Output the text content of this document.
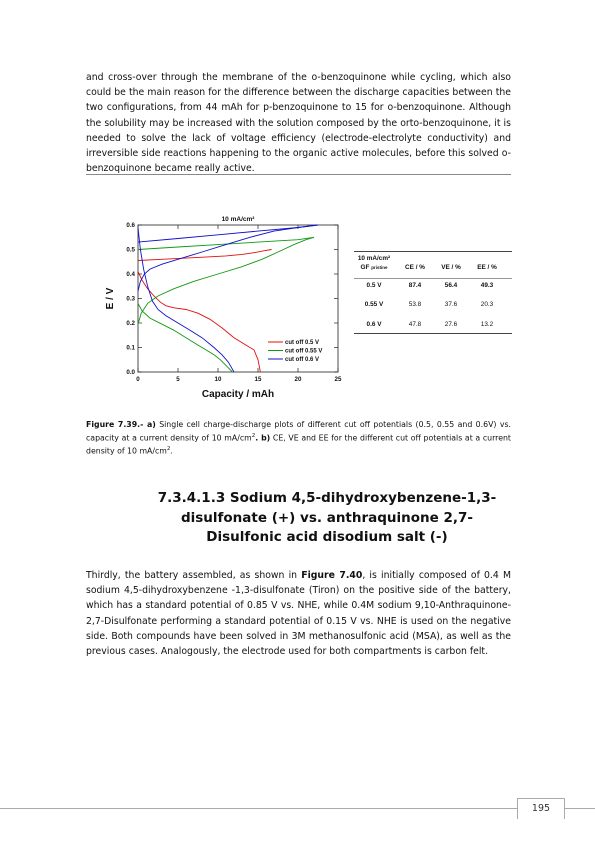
and cross-over through the membrane of the o-benzoquinone while cycling, which also could be the main reason for the difference between the discharge capacities between the two configurations, from 44 mAh for p-benzoquinone to 15 for o-benzoquinone. Although the solubility may be increased with the solution composed by the orto-benzoquinone, it is needed to solve the lack of voltage efficiency (electrode-electrolyte conductivity) and irreversible side reactions happening to the organic active molecules, before this solved o-benzoquinone became really active.

0	5	10	15	20	25
0.0
0.1
0.2
0.3
0.4
0.5
0.6
10 mA/cm²
Capacity / mAh
E / V
cut off 0.5 V
cut off 0.55 V
cut off 0.6 V
10 mA/cm²
GF pristine	CE / %	VE / %	EE / %
0.5 V	87.4	56.4	49.3
0.55 V	53.8	37.6	20.3
0.6 V	47.8	27.6	13.2

Figure 7.39.- a) Single cell charge-discharge plots of different cut off potentials (0.5, 0.55 and 0.6V) vs. capacity at a current density of 10 $mA/cm^2$. b) CE, VE and EE for the different cut off potentials at a current density of 10 $mA/cm^2$.

7.3.4.1.3 Sodium 4,5-dihydroxybenzene-1,3-
disulfonate (+) vs. anthraquinone 2,7-
Disulfonic acid disodium salt (-)

Thirdly, the battery assembled, as shown in Figure 7.40, is initially composed of 0.4 M sodium 4,5-dihydroxybenzene -1,3-disulfonate (Tiron) on the positive side of the battery, which has a standard potential of 0.85 V vs. NHE, while 0.4M sodium 9,10-Anthraquinone-2,7-Disulfonate performing a standard potential of 0.15 V vs. NHE is used on the negative side. Both compounds have been solved in 3M methanosulfonic acid (MSA), as well as the previous cases. Analogously, the electrode used for both compartments is carbon felt.

195
